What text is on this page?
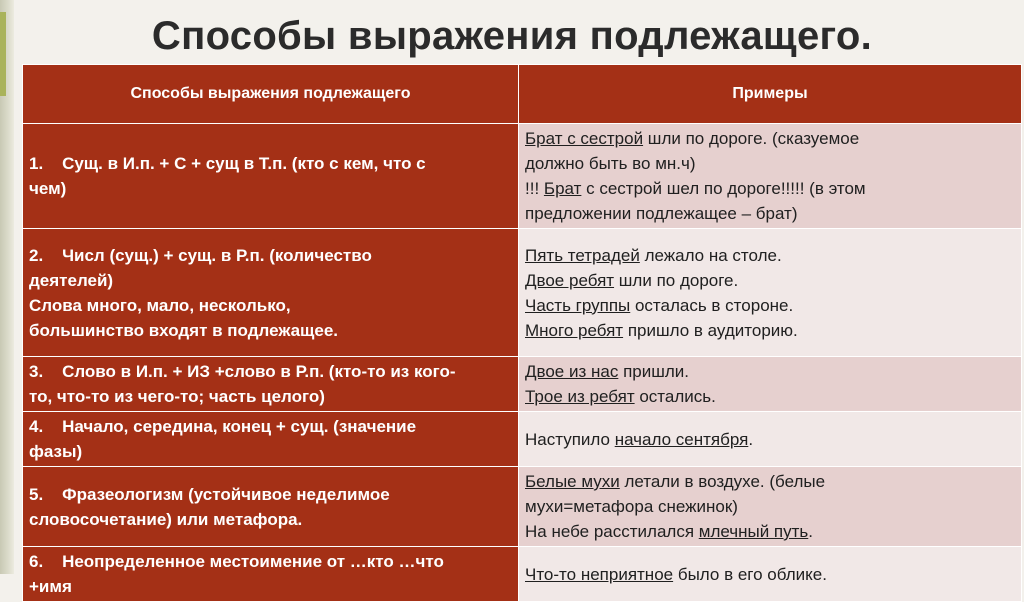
Способы выражения подлежащего.
Способы выражения подлежащего	Примеры

1.    Сущ. в И.п. + С + сущ в Т.п. (кто с кем, что с
чем)	Брат с сестрой шли по дороге. (сказуемое
должно быть во мн.ч)
!!! Брат с сестрой шел по дороге!!!!! (в этом
предложении подлежащее – брат)

2.    Числ (сущ.) + сущ. в Р.п. (количество
деятелей)
Слова много, мало, несколько,
большинство входят в подлежащее.	Пять тетрадей лежало на столе.
Двое ребят шли по дороге.
Часть группы осталась в стороне.
Много ребят пришло в аудиторию.

3.    Слово в И.п. + ИЗ +слово в Р.п. (кто-то из кого-
то, что-то из чего-то; часть целого)	Двое из нас пришли.
Трое из ребят остались.

4.    Начало, середина, конец + сущ. (значение
фазы)	Наступило начало сентября.

5.    Фразеологизм (устойчивое неделимое
словосочетание) или метафора.	Белые мухи летали в воздухе. (белые
мухи=метафора снежинок)
На небе расстилался млечный путь.

6.    Неопределенное местоимение от …кто …что
+имя	Что-то неприятное было в его облике.
